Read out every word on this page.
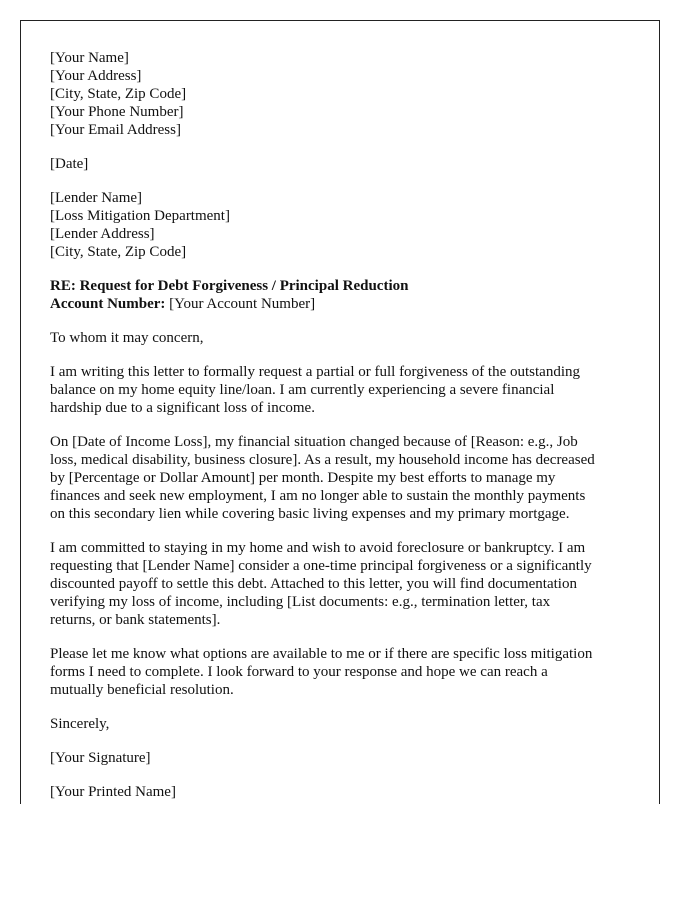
[Your Name]
[Your Address]
[City, State, Zip Code]
[Your Phone Number]
[Your Email Address]
[Date]
[Lender Name]
[Loss Mitigation Department]
[Lender Address]
[City, State, Zip Code]
RE: Request for Debt Forgiveness / Principal Reduction
Account Number: [Your Account Number]
To whom it may concern,
I am writing this letter to formally request a partial or full forgiveness of the outstanding
balance on my home equity line/loan. I am currently experiencing a severe financial
hardship due to a significant loss of income.
On [Date of Income Loss], my financial situation changed because of [Reason: e.g., Job
loss, medical disability, business closure]. As a result, my household income has decreased
by [Percentage or Dollar Amount] per month. Despite my best efforts to manage my
finances and seek new employment, I am no longer able to sustain the monthly payments
on this secondary lien while covering basic living expenses and my primary mortgage.
I am committed to staying in my home and wish to avoid foreclosure or bankruptcy. I am
requesting that [Lender Name] consider a one-time principal forgiveness or a significantly
discounted payoff to settle this debt. Attached to this letter, you will find documentation
verifying my loss of income, including [List documents: e.g., termination letter, tax
returns, or bank statements].
Please let me know what options are available to me or if there are specific loss mitigation
forms I need to complete. I look forward to your response and hope we can reach a
mutually beneficial resolution.
Sincerely,
[Your Signature]
[Your Printed Name]
